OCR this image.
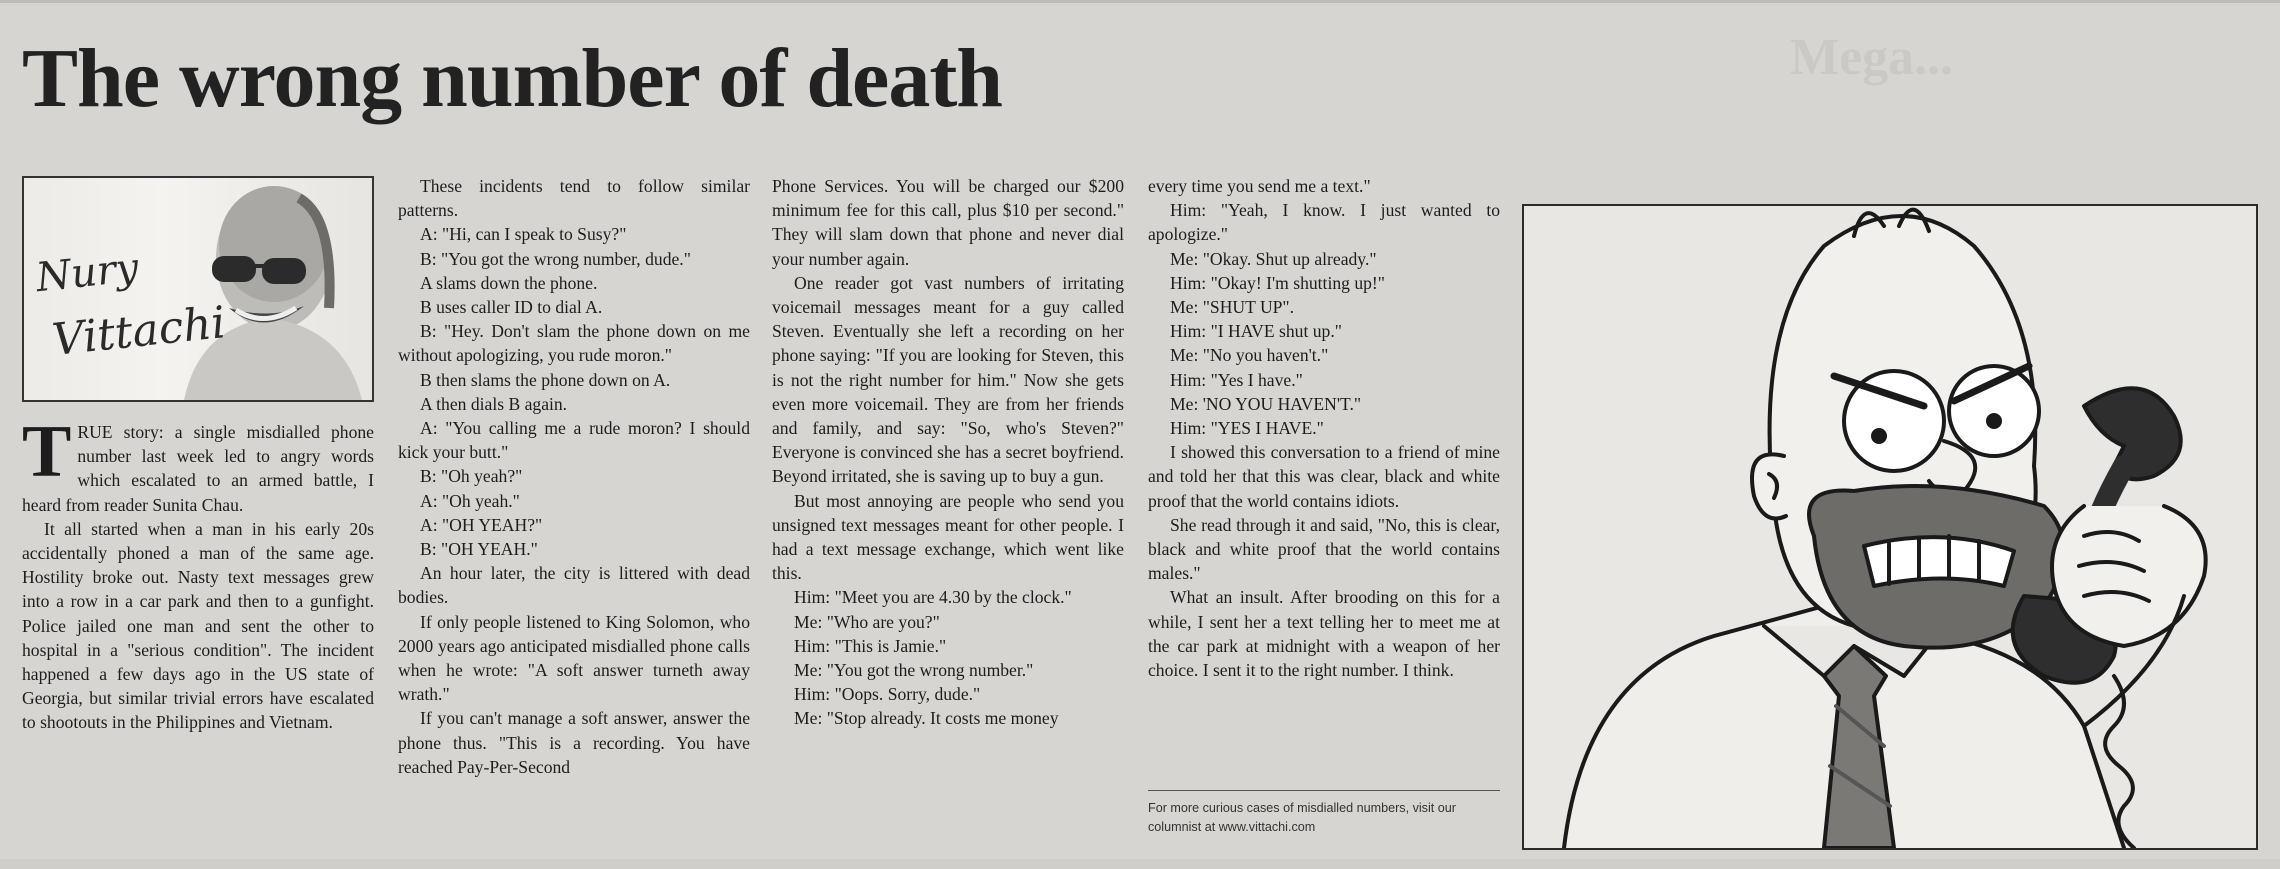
Mega...
The wrong number of death
Nury
Vittachi

TRUE story: a single misdialled phone number last week led to angry words which escalated to an armed battle, I heard from reader Sunita Chau.

It all started when a man in his early 20s accidentally phoned a man of the same age. Hostility broke out. Nasty text messages grew into a row in a car park and then to a gunfight. Police jailed one man and sent the other to hospital in a "serious condition". The incident happened a few days ago in the US state of Georgia, but similar trivial errors have escalated to shootouts in the Philippines and Vietnam.

These incidents tend to follow similar patterns.

A: "Hi, can I speak to Susy?"

B: "You got the wrong number, dude."

A slams down the phone.

B uses caller ID to dial A.

B: "Hey. Don't slam the phone down on me without apologizing, you rude moron."

B then slams the phone down on A.

A then dials B again.

A: "You calling me a rude moron? I should kick your butt."

B: "Oh yeah?"

A: "Oh yeah."

A: "OH YEAH?"

B: "OH YEAH."

An hour later, the city is littered with dead bodies.

If only people listened to King Solomon, who 2000 years ago anticipated misdialled phone calls when he wrote: "A soft answer turneth away wrath."

If you can't manage a soft answer, answer the phone thus. "This is a recording. You have reached Pay-Per-Second

Phone Services. You will be charged our $200 minimum fee for this call, plus $10 per second." They will slam down that phone and never dial your number again.

One reader got vast numbers of irritating voicemail messages meant for a guy called Steven. Eventually she left a recording on her phone saying: "If you are looking for Steven, this is not the right number for him." Now she gets even more voicemail. They are from her friends and family, and say: "So, who's Steven?" Everyone is convinced she has a secret boyfriend. Beyond irritated, she is saving up to buy a gun.

But most annoying are people who send you unsigned text messages meant for other people. I had a text message exchange, which went like this.

Him: "Meet you are 4.30 by the clock."

Me: "Who are you?"

Him: "This is Jamie."

Me: "You got the wrong number."

Him: "Oops. Sorry, dude."

Me: "Stop already. It costs me money

every time you send me a text."

Him: "Yeah, I know. I just wanted to apologize."

Me: "Okay. Shut up already."

Him: "Okay! I'm shutting up!"

Me: "SHUT UP".

Him: "I HAVE shut up."

Me: "No you haven't."

Him: "Yes I have."

Me: 'NO YOU HAVEN'T."

Him: "YES I HAVE."

I showed this conversation to a friend of mine and told her that this was clear, black and white proof that the world contains idiots.

She read through it and said, "No, this is clear, black and white proof that the world contains males."

What an insult. After brooding on this for a while, I sent her a text telling her to meet me at the car park at midnight with a weapon of her choice. I sent it to the right number. I think.

For more curious cases of misdialled numbers, visit our columnist at www.vittachi.com
